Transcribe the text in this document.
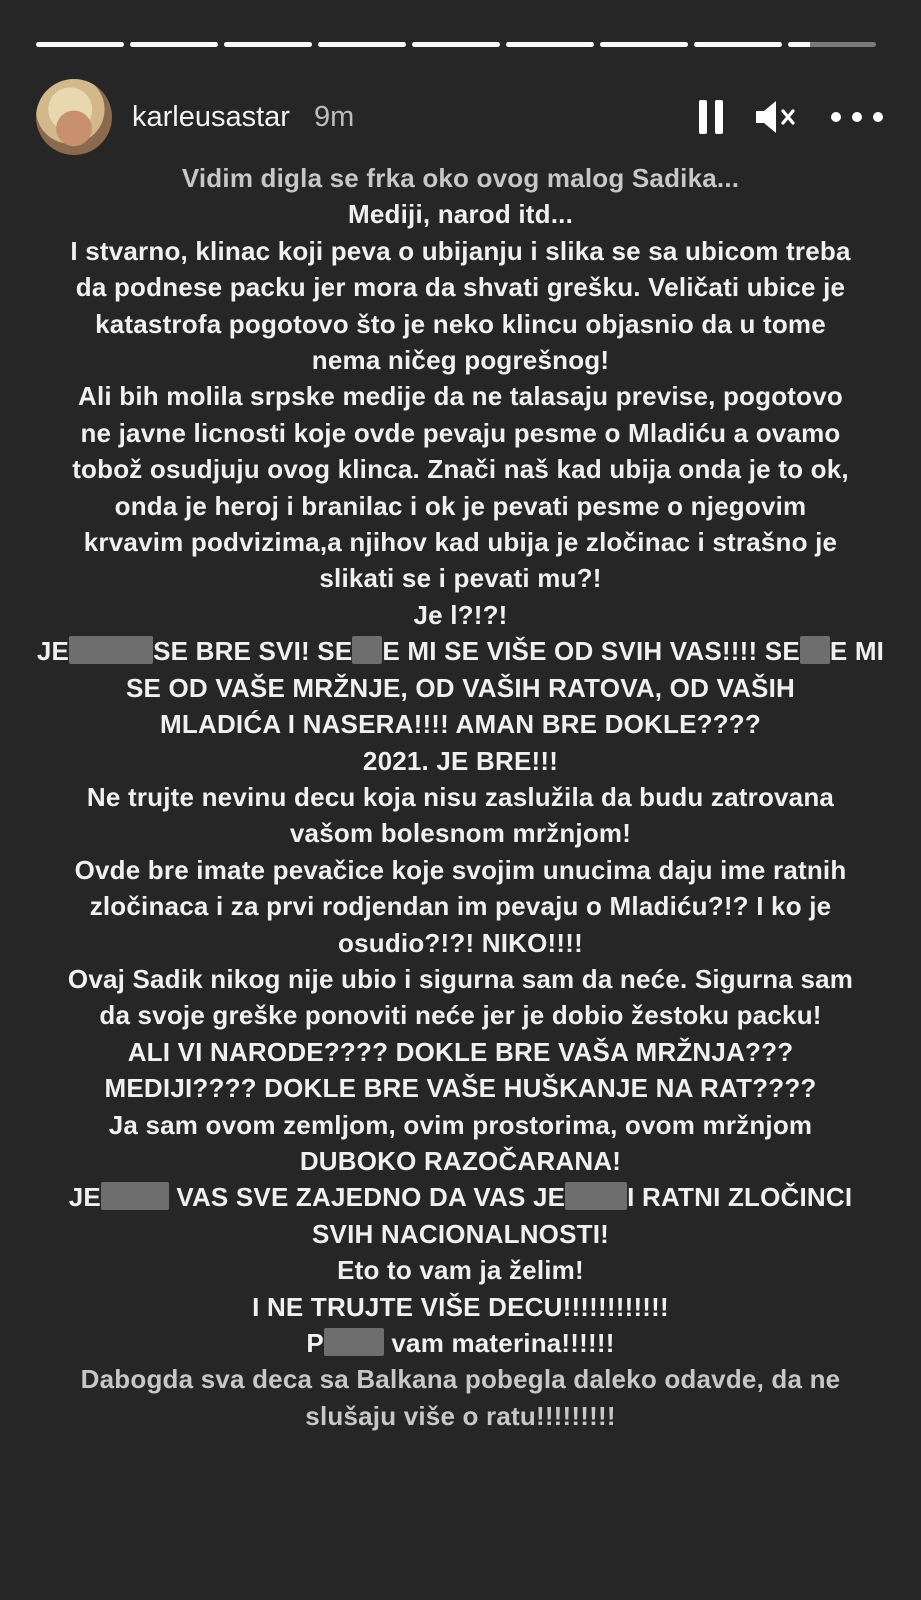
karleusastar 9m

Vidim digla se frka oko ovog malog Sadika...

Mediji, narod itd...

I stvarno, klinac koji peva o ubijanju i slika se sa ubicom treba

da podnese packu jer mora da shvati grešku. Veličati ubice je

katastrofa pogotovo što je neko klincu objasnio da u tome

nema ničeg pogrešnog!

Ali bih molila srpske medije da ne talasaju previse, pogotovo

ne javne licnosti koje ovde pevaju pesme o Mladiću a ovamo

tobož osudjuju ovog klinca. Znači naš kad ubija onda je to ok,

onda je heroj i branilac i ok je pevati pesme o njegovim

krvavim podvizima,a njihov kad ubija je zločinac i strašno je

slikati se i pevati mu?!

Je l?!?!

JE	SE BRE SVI! SE E MI SE VIŠE OD SVIH VAS!!!! SE E MI

SE OD VAŠE MRŽNJE, OD VAŠIH RATOVA, OD VAŠIH

MLADIĆA I NASERA!!!! AMAN BRE DOKLE????

2021. JE BRE!!!

Ne trujte nevinu decu koja nisu zaslužila da budu zatrovana

vašom bolesnom mržnjom!

Ovde bre imate pevačice koje svojim unucima daju ime ratnih

zločinaca i za prvi rodjendan im pevaju o Mladiću?!? I ko je

osudio?!?! NIKO!!!!

Ovaj Sadik nikog nije ubio i sigurna sam da neće. Sigurna sam

da svoje greške ponoviti neće jer je dobio žestoku packu!

ALI VI NARODE???? DOKLE BRE VAŠA MRŽNJA???

MEDIJI???? DOKLE BRE VAŠE HUŠKANJE NA RAT????

Ja sam ovom zemljom, ovim prostorima, ovom mržnjom

DUBOKO RAZOČARANA!

JE	VAS SVE ZAJEDNO DA VAS JE I RATNI ZLOČINCI

SVIH NACIONALNOSTI!

Eto to vam ja želim!

I NE TRUJTE VIŠE DECU!!!!!!!!!!!!

P	vam materina!!!!!!

Dabogda sva deca sa Balkana pobegla daleko odavde, da ne

slušaju više o ratu!!!!!!!!!
